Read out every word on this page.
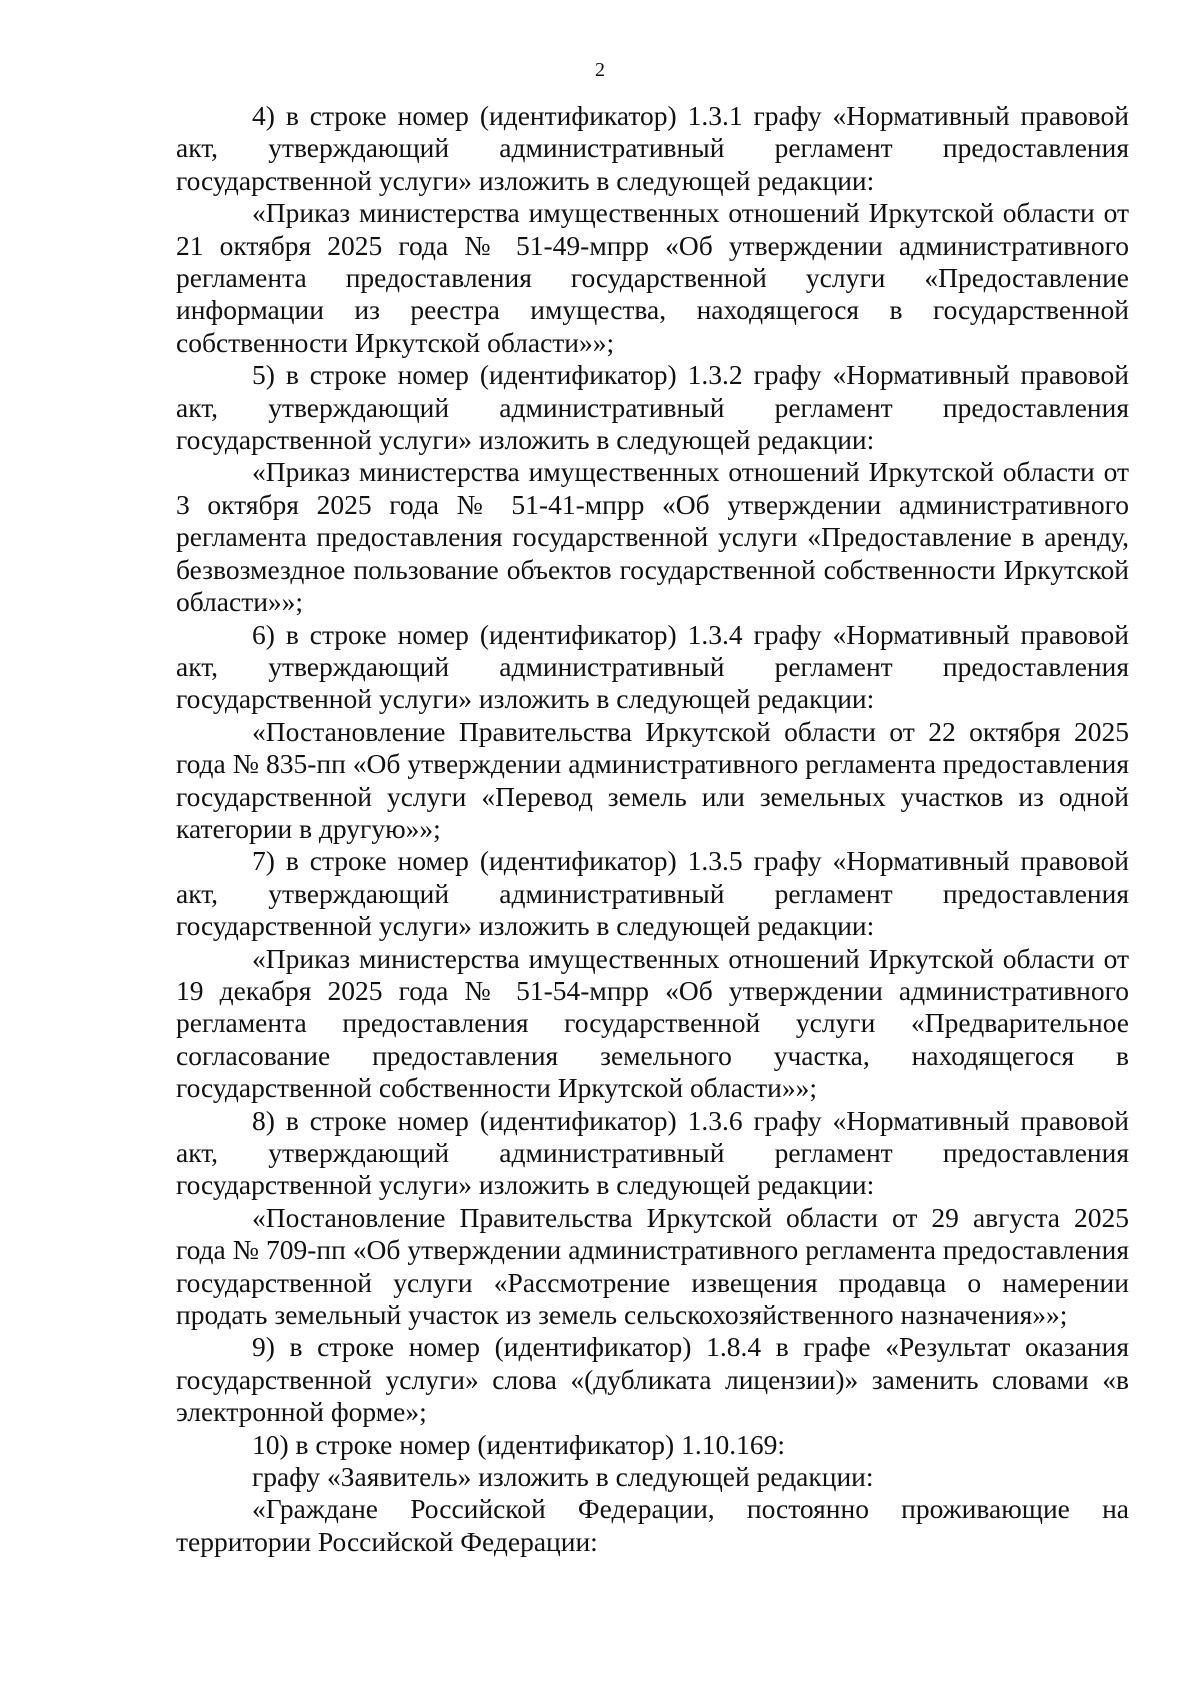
2

4) в строке номер (идентификатор) 1.3.1 графу «Нормативный правовой акт, утверждающий административный регламент предоставления государственной услуги» изложить в следующей редакции:

«Приказ министерства имущественных отношений Иркутской области от 21 октября 2025 года № 51-49-мпрр «Об утверждении административного регламента предоставления государственной услуги «Предоставление информации из реестра имущества, находящегося в государственной собственности Иркутской области»»;

5) в строке номер (идентификатор) 1.3.2 графу «Нормативный правовой акт, утверждающий административный регламент предоставления государственной услуги» изложить в следующей редакции:

«Приказ министерства имущественных отношений Иркутской области от 3 октября 2025 года № 51-41-мпрр «Об утверждении административного регламента предоставления государственной услуги «Предоставление в аренду, безвозмездное пользование объектов государственной собственности Иркутской области»»;

6) в строке номер (идентификатор) 1.3.4 графу «Нормативный правовой акт, утверждающий административный регламент предоставления государственной услуги» изложить в следующей редакции:

«Постановление Правительства Иркутской области от 22 октября 2025 года № 835-пп «Об утверждении административного регламента предоставления государственной услуги «Перевод земель или земельных участков из одной категории в другую»»;

7) в строке номер (идентификатор) 1.3.5 графу «Нормативный правовой акт, утверждающий административный регламент предоставления государственной услуги» изложить в следующей редакции:

«Приказ министерства имущественных отношений Иркутской области от 19 декабря 2025 года № 51-54-мпрр «Об утверждении административного регламента предоставления государственной услуги «Предварительное согласование предоставления земельного участка, находящегося в государственной собственности Иркутской области»»;

8) в строке номер (идентификатор) 1.3.6 графу «Нормативный правовой акт, утверждающий административный регламент предоставления государственной услуги» изложить в следующей редакции:

«Постановление Правительства Иркутской области от 29 августа 2025 года № 709-пп «Об утверждении административного регламента предоставления государственной услуги «Рассмотрение извещения продавца о намерении продать земельный участок из земель сельскохозяйственного назначения»»;

9) в строке номер (идентификатор) 1.8.4 в графе «Результат оказания государственной услуги» слова «(дубликата лицензии)» заменить словами «в электронной форме»;

10) в строке номер (идентификатор) 1.10.169:

графу «Заявитель» изложить в следующей редакции:

«Граждане Российской Федерации, постоянно проживающие на территории Российской Федерации:
